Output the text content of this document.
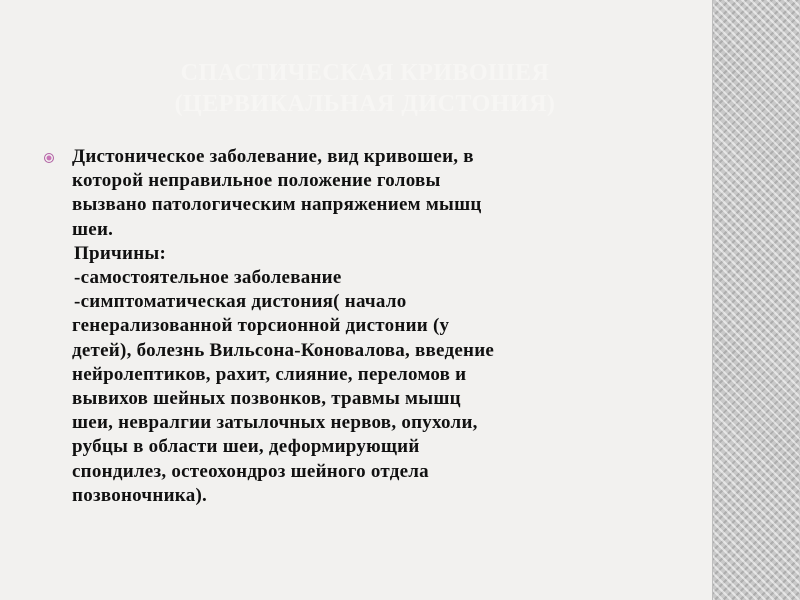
СПАСТИЧЕСКАЯ КРИВОШЕЯ
(ЦЕРВИКАЛЬНАЯ ДИСТОНИЯ)
Дистоническое заболевание, вид кривошеи, в
которой неправильное положение головы
вызвано патологическим напряжением мышц
шеи.
Причины:
-самостоятельное заболевание
-симптоматическая дистония( начало
генерализованной торсионной дистонии (у
детей), болезнь Вильсона-Коновалова, введение
нейролептиков, рахит, слияние, переломов и
вывихов шейных позвонков, травмы мышц
шеи, невралгии затылочных нервов, опухоли,
рубцы в области шеи, деформирующий
спондилез, остеохондроз шейного отдела
позвоночника).
